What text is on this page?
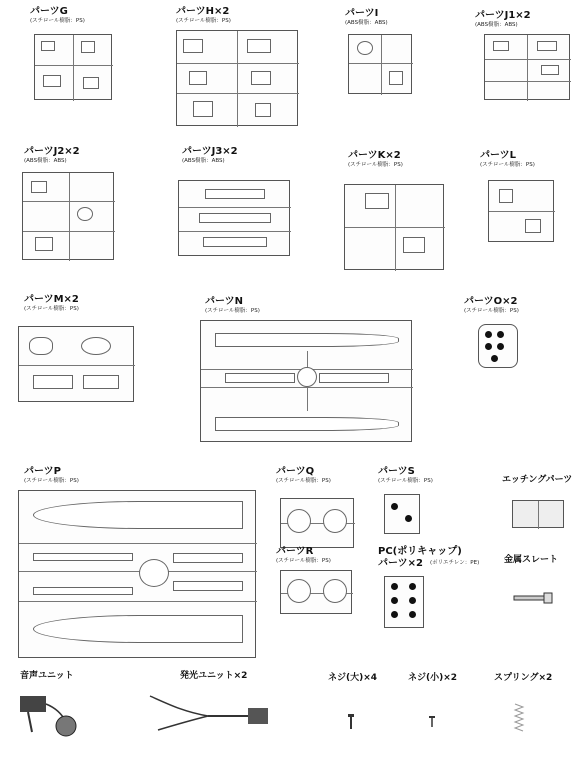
パーツG
(スチロール樹脂：PS)
パーツH×2
(スチロール樹脂：PS)
パーツI
(ABS樹脂：ABS)
パーツJ1×2
(ABS樹脂：ABS)
パーツJ2×2
(ABS樹脂：ABS)
パーツJ3×2
(ABS樹脂：ABS)	パーツK×2
(スチロール樹脂：PS)
パーツL
(スチロール樹脂：PS)
パーツM×2
(スチロール樹脂：PS)
パーツN
(スチロール樹脂：PS)
パーツO×2
(スチロール樹脂：PS)
パーツP
(スチロール樹脂：PS)
パーツQ
(スチロール樹脂：PS)
パーツS
(スチロール樹脂：PS)	エッチングパーツ
パーツR
(スチロール樹脂：PS)
PC(ポリキャップ)
パーツ×2 (ポリエチレン：PE)	金属スレート
音声ユニット	発光ユニット×2	ネジ(大)×4	ネジ(小)×2	スプリング×2
